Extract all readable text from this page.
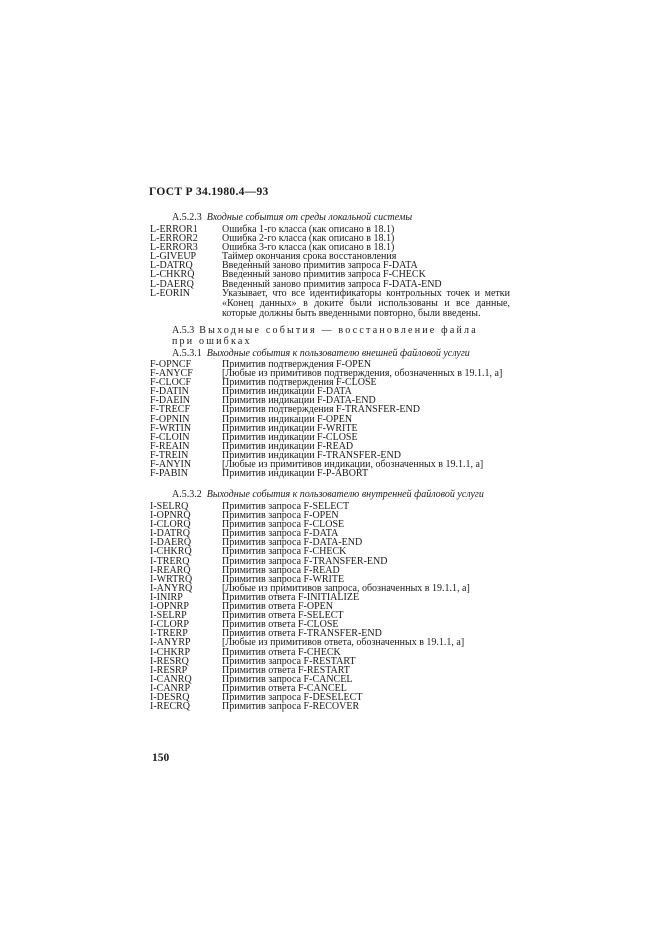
ГОСТ Р 34.1980.4—93
А.5.2.3 Входные события от среды локальной системы
L-ERROR1	Ошибка 1-го класса (как описано в 18.1)
L-ERROR2	Ошибка 2-го класса (как описано в 18.1)
L-ERROR3	Ошибка 3-го класса (как описано в 18.1)
L-GIVEUP	Таймер окончания срока восстановления
L-DATRQ	Введенный заново примитив запроса F-DATA
L-CHKRQ	Введенный заново примитив запроса F-CHECK
L-DAERQ	Введенный заново примитив запроса F-DATA-END
L-EORIN	Указывает, что все идентификаторы контрольных точек и метки «Конец данных» в доките были использованы и все данные, которые должны быть введенными повторно, были введены.
А.5.3 Выходные события — восстановление файла при ошибках
А.5.3.1 Выходные события к пользователю внешней файловой услуги
F-OPNCF	Примитив подтверждения F-OPEN
F-ANYCF	[Любые из примитивов подтверждения, обозначенных в 19.1.1, а]
F-CLOCF	Примитив подтверждения F-CLOSE
F-DATIN	Примитив индикации F-DATA
F-DAEIN	Примитив индикации F-DATA-END
F-TRECF	Примитив подтверждения F-TRANSFER-END
F-OPNIN	Примитив индикации F-OPEN
F-WRTIN	Примитив индикации F-WRITE
F-CLOIN	Примитив индикации F-CLOSE
F-REAIN	Примитив индикации F-READ
F-TREIN	Примитив индикации F-TRANSFER-END
F-ANYIN	[Любые из примитивов индикации, обозначенных в 19.1.1, а]
F-PABIN	Примитив индикации F-P-ABORT
А.5.3.2 Выходные события к пользователю внутренней файловой услуги
I-SELRQ	Примитив запроса F-SELECT
I-OPNRQ	Примитив запроса F-OPEN
I-CLORQ	Примитив запроса F-CLOSE
I-DATRQ	Примитив запроса F-DATA
I-DAERQ	Примитив запроса F-DATA-END
I-CHKRQ	Примитив запроса F-CHECK
I-TRERQ	Примитив запроса F-TRANSFER-END
I-REARQ	Примитив запроса F-READ
I-WRTRQ	Примитив запроса F-WRITE
I-ANYRQ	[Любые из примитивов запроса, обозначенных в 19.1.1, а]
I-INIRP	Примитив ответа F-INITIALIZE
I-OPNRP	Примитив ответа F-OPEN
I-SELRP	Примитив ответа F-SELECT
I-CLORP	Примитив ответа F-CLOSE
I-TRERP	Примитив ответа F-TRANSFER-END
I-ANYRP	[Любые из примитивов ответа, обозначенных в 19.1.1, а]
I-CHKRP	Примитив ответа F-CHECK
I-RESRQ	Примитив запроса F-RESTART
I-RESRP	Примитив ответа F-RESTART
I-CANRQ	Примитив запроса F-CANCEL
I-CANRP	Примитив ответа F-CANCEL
I-DESRQ	Примитив запроса F-DESELECT
I-RECRQ	Примитив запроса F-RECOVER
150
